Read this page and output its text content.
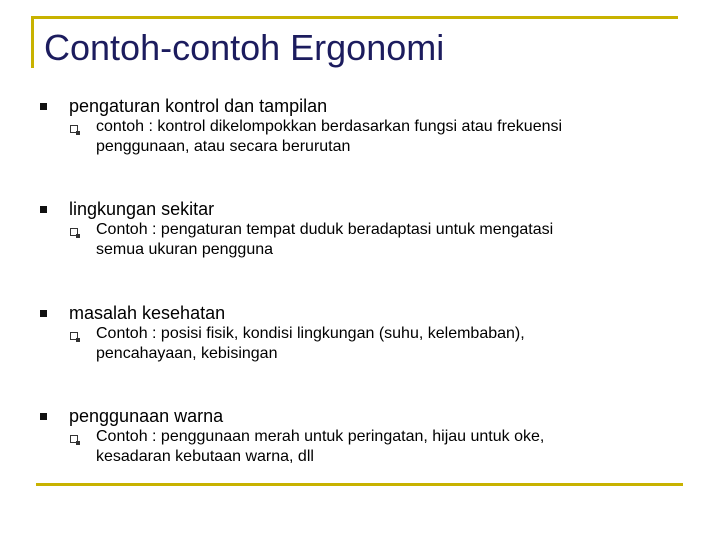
Contoh-contoh Ergonomi
pengaturan kontrol dan tampilan
contoh : kontrol dikelompokkan berdasarkan fungsi atau frekuensi
penggunaan, atau secara berurutan
lingkungan sekitar
Contoh : pengaturan tempat duduk beradaptasi untuk mengatasi
semua ukuran pengguna
masalah kesehatan
Contoh : posisi fisik, kondisi lingkungan (suhu, kelembaban),
pencahayaan, kebisingan
penggunaan warna
Contoh : penggunaan merah untuk peringatan, hijau untuk oke,
kesadaran kebutaan warna, dll
